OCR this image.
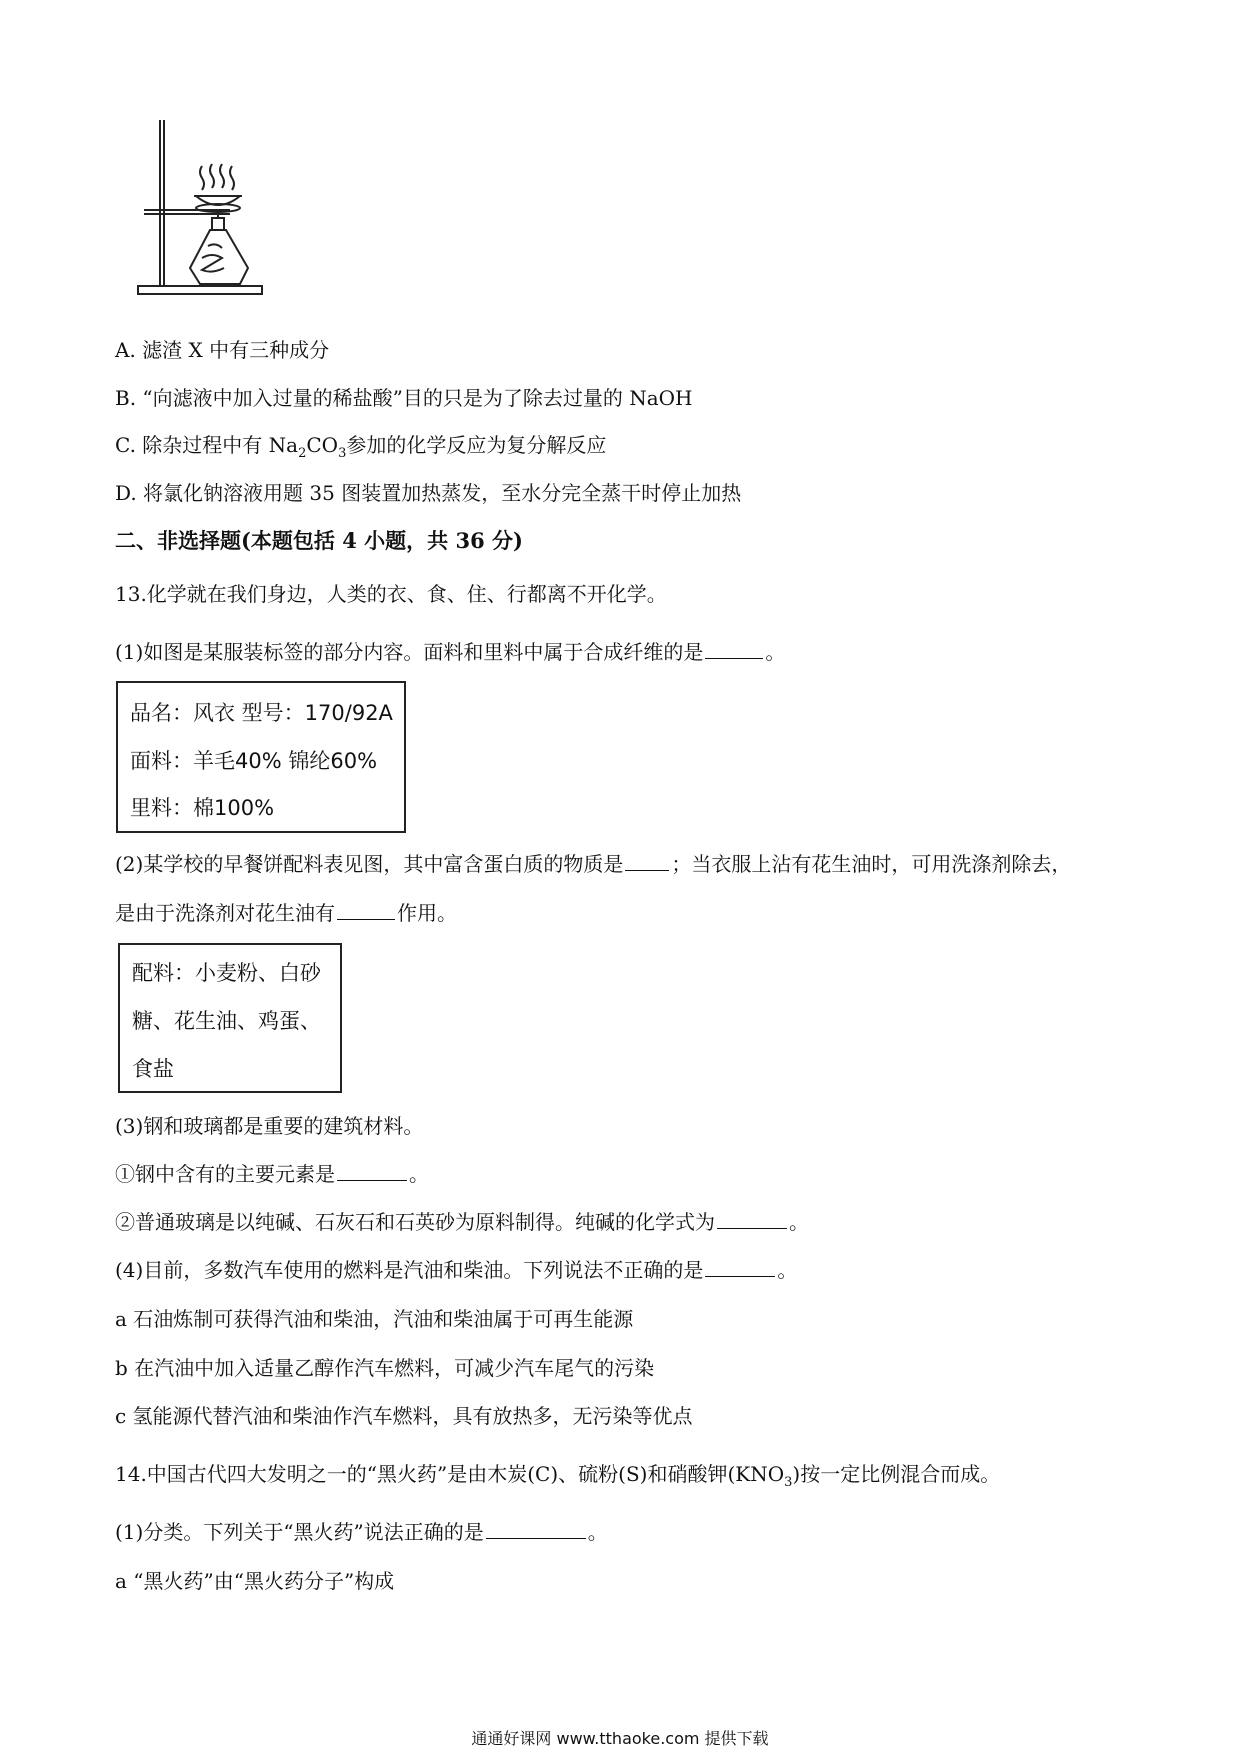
A. 滤渣 X 中有三种成分
B. “向滤液中加入过量的稀盐酸”目的只是为了除去过量的 NaOH
C. 除杂过程中有 $Na_2CO_3$参加的化学反应为复分解反应
D. 将氯化钠溶液用题 35 图装置加热蒸发，至水分完全蒸干时停止加热
二、非选择题(本题包括 4 小题，共 36 分)
13.化学就在我们身边，人类的衣、食、住、行都离不开化学。
(1)如图是某服装标签的部分内容。面料和里料中属于合成纤维的是	。
品名：风衣 型号：170/92A
面料：羊毛40% 锦纶60%
里料：棉100%
(2)某学校的早餐饼配料表见图，其中富含蛋白质的物质是 ；当衣服上沾有花生油时，可用洗涤剂除去，
是由于洗涤剂对花生油有	作用。
配料：小麦粉、白砂
糖、花生油、鸡蛋、
食盐
(3)钢和玻璃都是重要的建筑材料。
①钢中含有的主要元素是	。
②普通玻璃是以纯碱、石灰石和石英砂为原料制得。纯碱的化学式为	。
(4)目前，多数汽车使用的燃料是汽油和柴油。下列说法不正确的是	。
a 石油炼制可获得汽油和柴油，汽油和柴油属于可再生能源
b 在汽油中加入适量乙醇作汽车燃料，可减少汽车尾气的污染
c 氢能源代替汽油和柴油作汽车燃料，具有放热多，无污染等优点
14.中国古代四大发明之一的“黑火药”是由木炭(C)、硫粉(S)和硝酸钾$(KNO_3)$按一定比例混合而成。
(1)分类。下列关于“黑火药”说法正确的是	。
a “黑火药”由“黑火药分子”构成
通通好课网 www.tthaoke.com 提供下载
